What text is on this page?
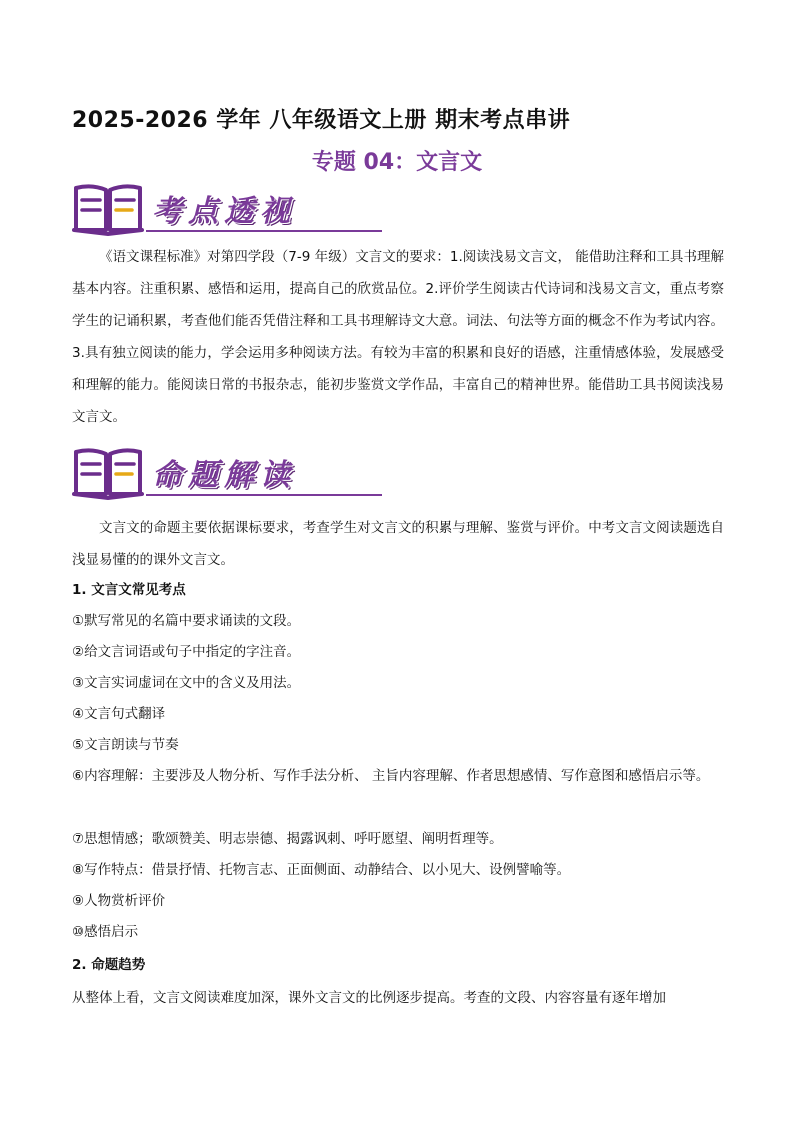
2025-2026 学年 八年级语文上册 期末考点串讲
专题 04：文言文
考点透视
《语文课程标准》对第四学段（7-9 年级）文言文的要求：1.阅读浅易文言文， 能借助注释和工具书理解基本内容。注重积累、感悟和运用，提高自己的欣赏品位。2.评价学生阅读古代诗词和浅易文言文，重点考察学生的记诵积累，考查他们能否凭借注释和工具书理解诗文大意。词法、句法等方面的概念不作为考试内容。3.具有独立阅读的能力，学会运用多种阅读方法。有较为丰富的积累和良好的语感，注重情感体验，发展感受和理解的能力。能阅读日常的书报杂志，能初步鉴赏文学作品，丰富自己的精神世界。能借助工具书阅读浅易文言文。
命题解读
文言文的命题主要依据课标要求，考查学生对文言文的积累与理解、鉴赏与评价。中考文言文阅读题选自浅显易懂的的课外文言文。
1. 文言文常见考点
①默写常见的名篇中要求诵读的文段。
②给文言词语或句子中指定的字注音。
③文言实词虚词在文中的含义及用法。
④文言句式翻译
⑤文言朗读与节奏
⑥内容理解：主要涉及人物分析、写作手法分析、 主旨内容理解、作者思想感情、写作意图和感悟启示等。
⑦思想情感；歌颂赞美、明志崇德、揭露讽刺、呼吁愿望、阐明哲理等。
⑧写作特点：借景抒情、托物言志、正面侧面、动静结合、以小见大、设例譬喻等。
⑨人物赏析评价
⑩感悟启示
2. 命题趋势
从整体上看，文言文阅读难度加深，课外文言文的比例逐步提高。考查的文段、内容容量有逐年增加
